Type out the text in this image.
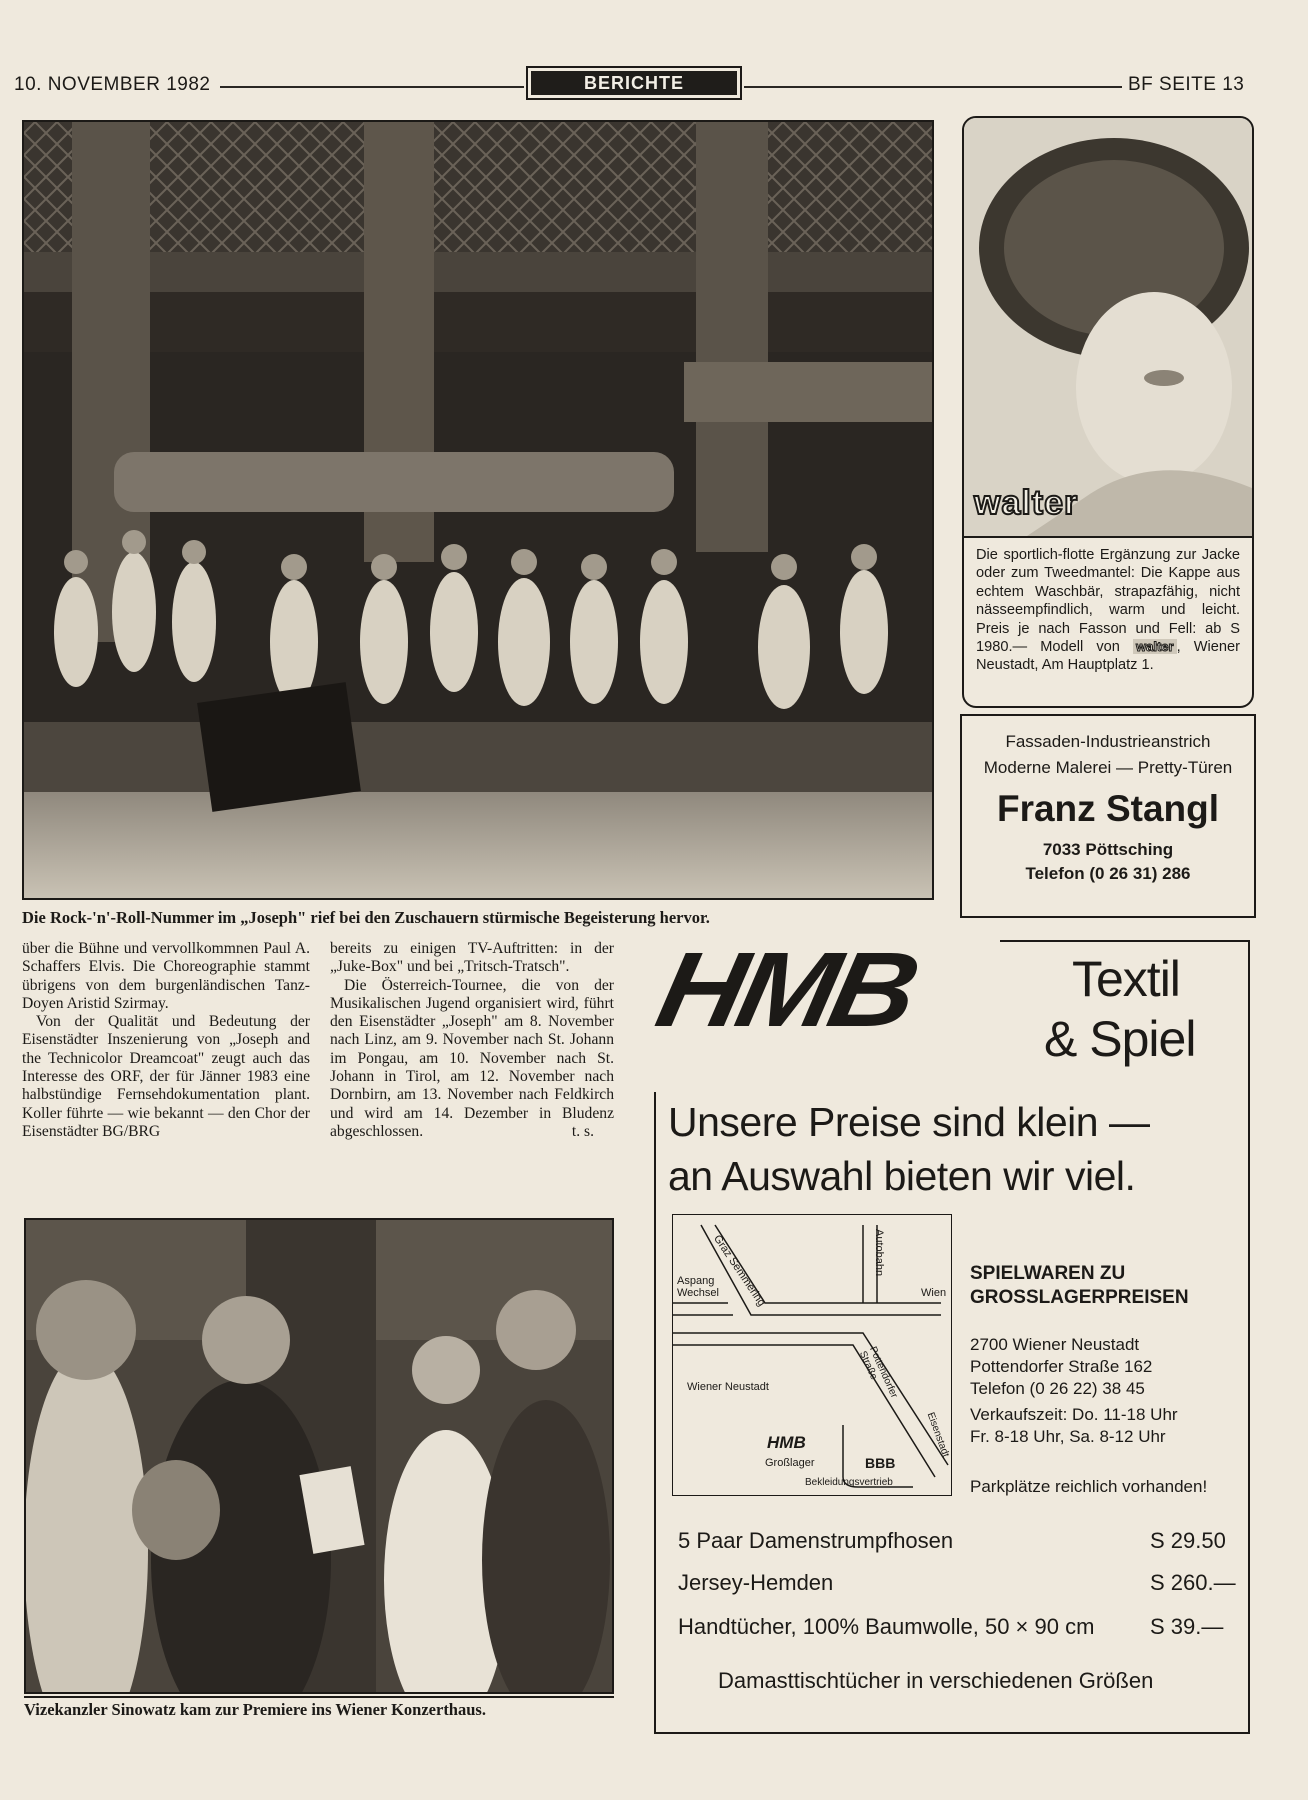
10. NOVEMBER 1982	BERICHTE	BF SEITE 13
Die Rock-'n'-Roll-Nummer im „Joseph" rief bei den Zuschauern stürmische Begeisterung hervor.

über die Bühne und vervollkommnen Paul A. Schaffers Elvis. Die Choreographie stammt übrigens von dem burgenländischen Tanz-Doyen Aristid Szirmay.

Von der Qualität und Bedeutung der Eisenstädter Inszenierung von „Joseph and the Technicolor Dreamcoat" zeugt auch das Interesse des ORF, der für Jänner 1983 eine halbstündige Fernsehdokumentation plant. Koller führte — wie bekannt — den Chor der Eisenstädter BG/BRG

bereits zu einigen TV-Auftritten: in der „Juke-Box" und bei „Tritsch-Tratsch".

Die Österreich-Tournee, die von der Musikalischen Jugend organisiert wird, führt den Eisenstädter „Joseph" am 8. November nach Linz, am 9. November nach St. Johann im Pongau, am 10. November nach St. Johann in Tirol, am 12. November nach Dornbirn, am 13. November nach Feldkirch und wird am 14. Dezember in Bludenz abgeschlossen.	t. s.
Vizekanzler Sinowatz kam zur Premiere ins Wiener Konzerthaus.
walter
Die sportlich-flotte Ergänzung zur Jacke oder zum Tweedmantel: Die Kappe aus echtem Waschbär, strapazfähig, nicht nässeempfindlich, warm und leicht. Preis je nach Fasson und Fell: ab S 1980.— Modell von walter , Wiener Neustadt, Am Hauptplatz 1.
Fassaden-Industrieanstrich
Moderne Malerei — Pretty-Türen
Franz Stangl
7033 Pöttsching
Telefon (0 26 31) 286
HMB	Textil
& Spiel
Unsere Preise sind klein —
an Auswahl bieten wir viel.
Graz Semmering	Autobahn
Aspang Wechsel	Wien
Wiener Neustadt	Pottendorfer Straße
Eisenstadt
HMB
Großlager	BBB
Bekleidungsvertrieb
SPIELWAREN ZU
GROSSLAGERPREISEN
2700 Wiener Neustadt
Pottendorfer Straße 162
Telefon (0 26 22) 38 45
Verkaufszeit: Do. 11-18 Uhr
Fr. 8-18 Uhr, Sa. 8-12 Uhr
Parkplätze reichlich vorhanden!
5 Paar Damenstrumpfhosen	S 29.50
Jersey-Hemden	S 260.—
Handtücher, 100% Baumwolle, 50 × 90 cm	S 39.—
Damasttischtücher in verschiedenen Größen
